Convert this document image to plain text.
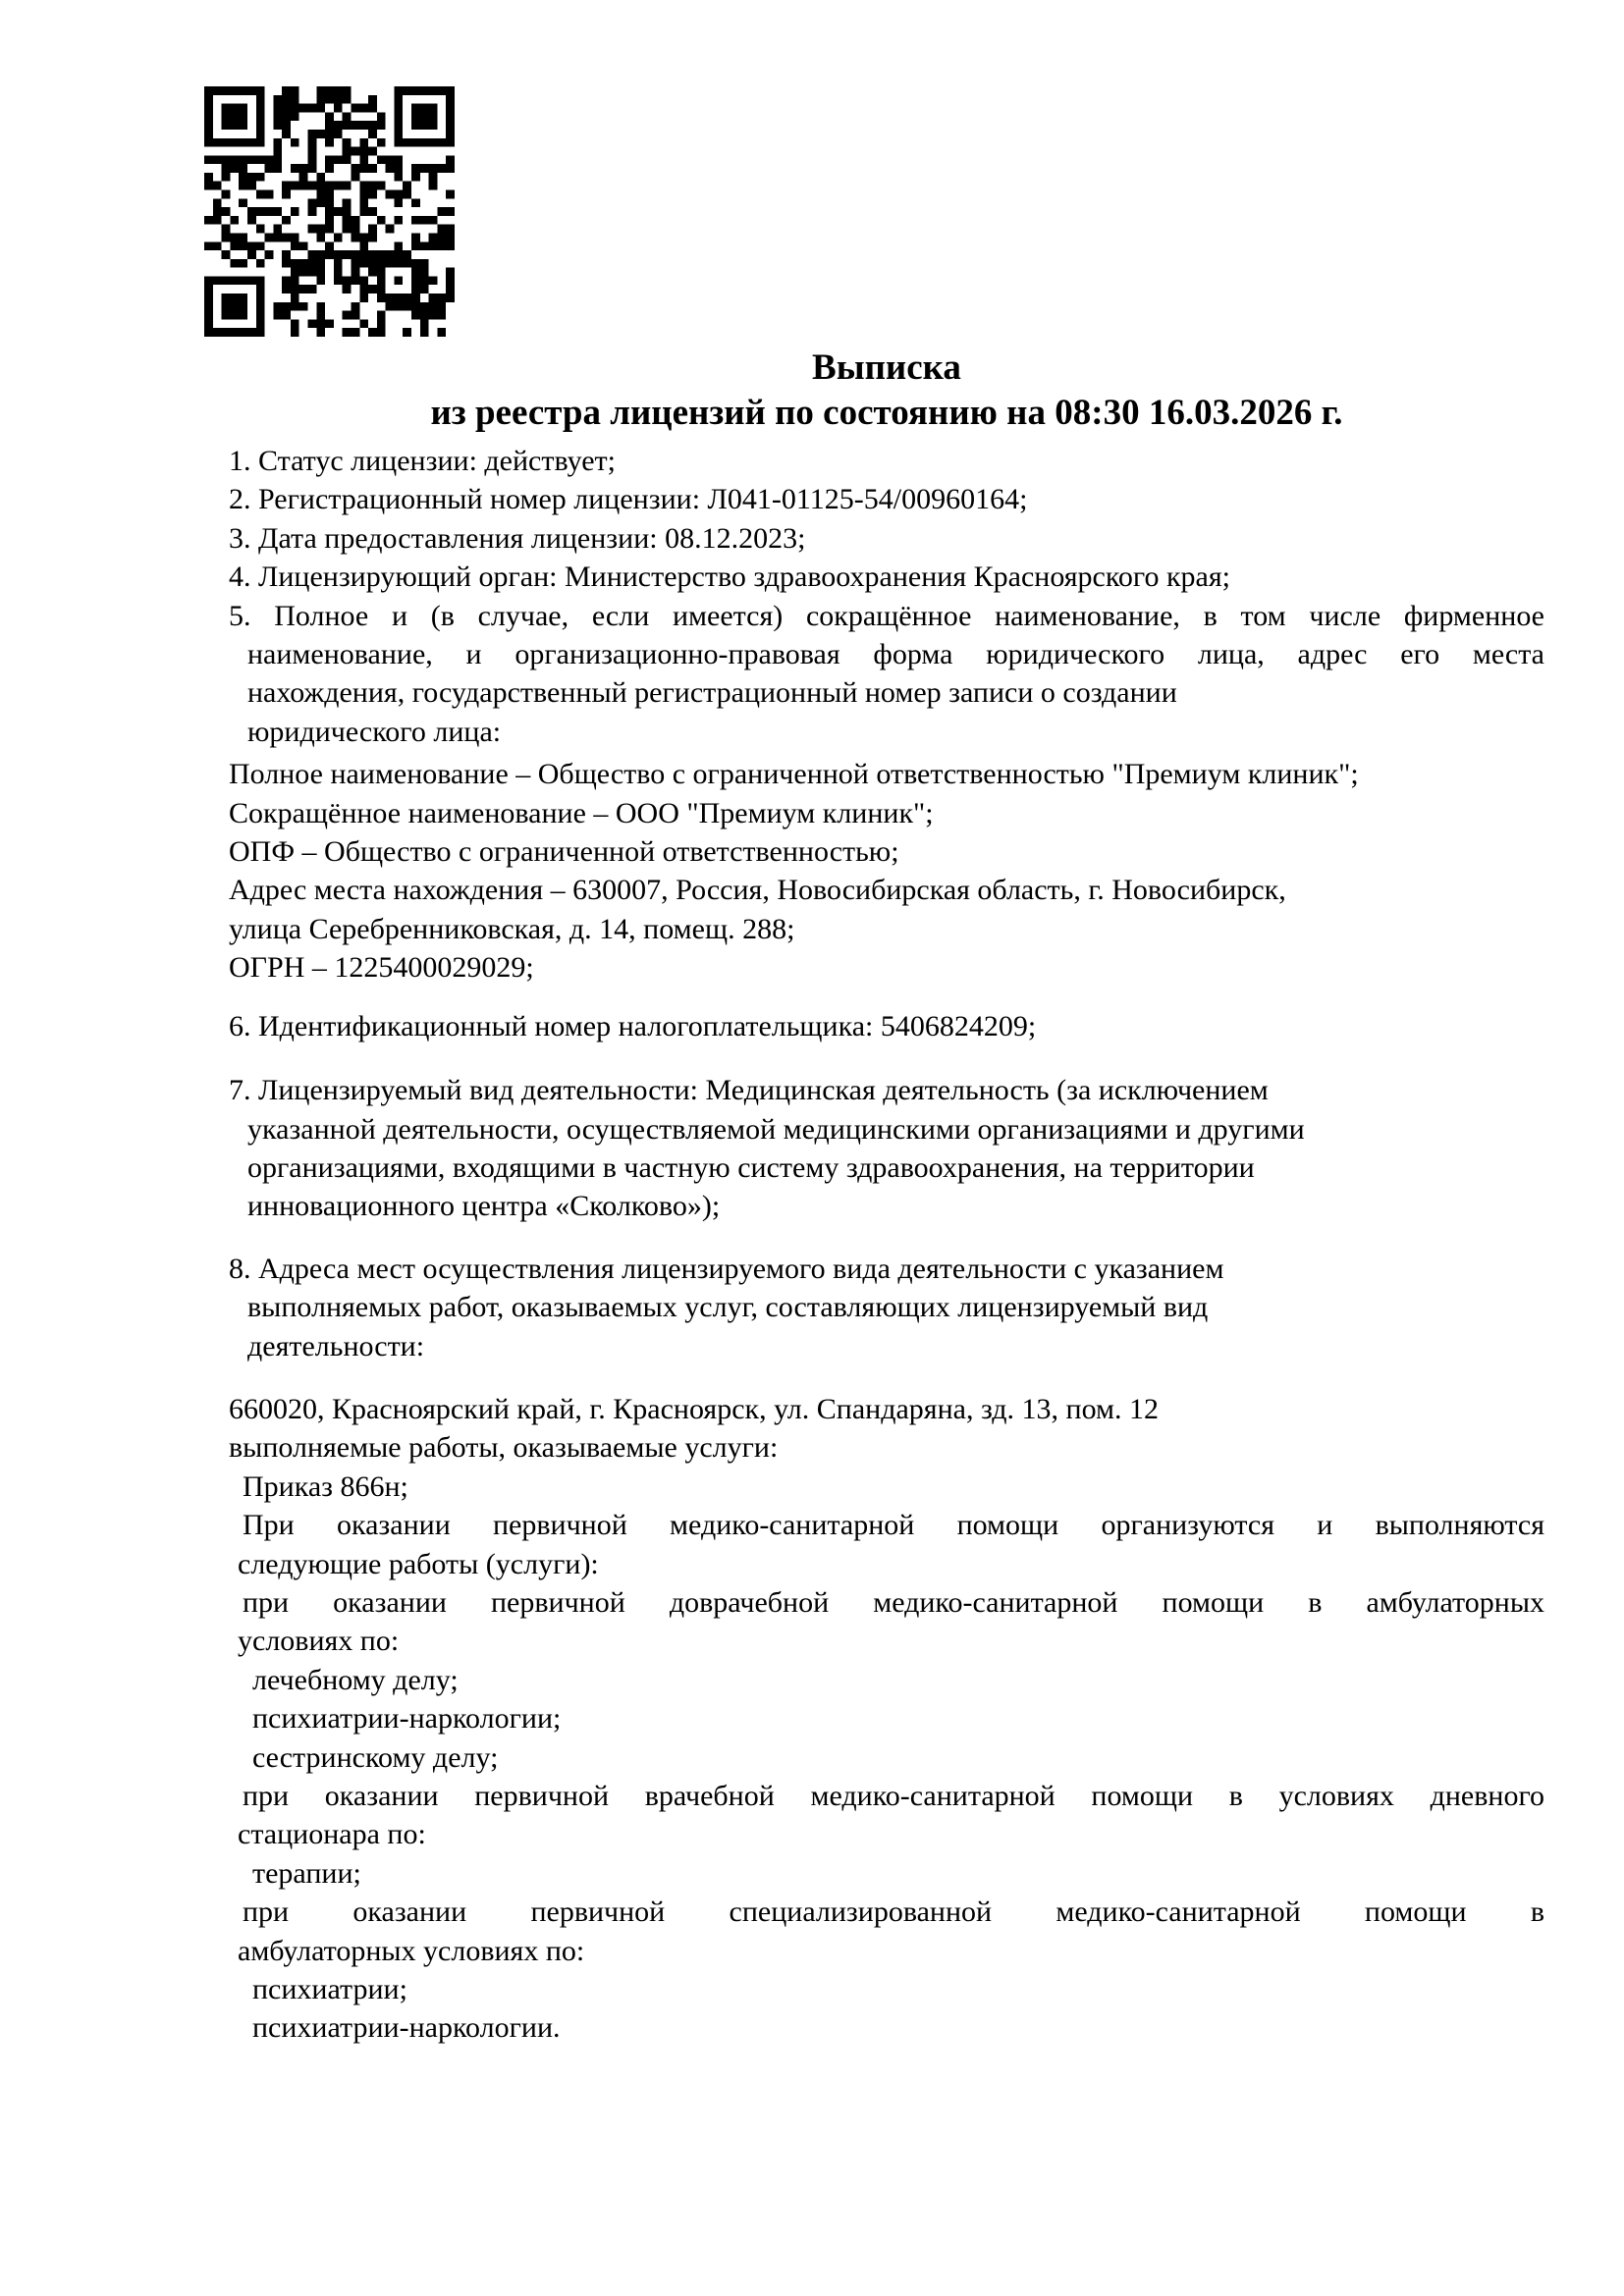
Выписка
из реестра лицензий по состоянию на 08:30 16.03.2026 г.
1. Статус лицензии: действует;
2. Регистрационный номер лицензии: Л041-01125-54/00960164;
3. Дата предоставления лицензии: 08.12.2023;
4. Лицензирующий орган: Министерство здравоохранения Красноярского края;
5. Полное и (в случае, если имеется) сокращённое наименование, в том числе фирменное
наименование, и организационно-правовая форма юридического лица, адрес его места
нахождения, государственный регистрационный номер записи о создании
юридического лица:
Полное наименование – Общество с ограниченной ответственностью "Премиум клиник";
Сокращённое наименование – ООО "Премиум клиник";
ОПФ – Общество с ограниченной ответственностью;
Адрес места нахождения – 630007, Россия, Новосибирская область, г. Новосибирск,
улица Серебренниковская, д. 14, помещ. 288;
ОГРН – 1225400029029;
6. Идентификационный номер налогоплательщика: 5406824209;
7. Лицензируемый вид деятельности: Медицинская деятельность (за исключением
указанной деятельности, осуществляемой медицинскими организациями и другими
организациями, входящими в частную систему здравоохранения, на территории
инновационного центра «Сколково»);
8. Адреса мест осуществления лицензируемого вида деятельности с указанием
выполняемых работ, оказываемых услуг, составляющих лицензируемый вид
деятельности:
660020, Красноярский край, г. Красноярск, ул. Спандаряна, зд. 13, пом. 12
выполняемые работы, оказываемые услуги:
Приказ 866н;
При оказании первичной медико-санитарной помощи организуются и выполняются
следующие работы (услуги):
при оказании первичной доврачебной медико-санитарной помощи в амбулаторных
условиях по:
лечебному делу;
психиатрии-наркологии;
сестринскому делу;
при оказании первичной врачебной медико-санитарной помощи в условиях дневного
стационара по:
терапии;
при оказании первичной специализированной медико-санитарной помощи в
амбулаторных условиях по:
психиатрии;
психиатрии-наркологии.
